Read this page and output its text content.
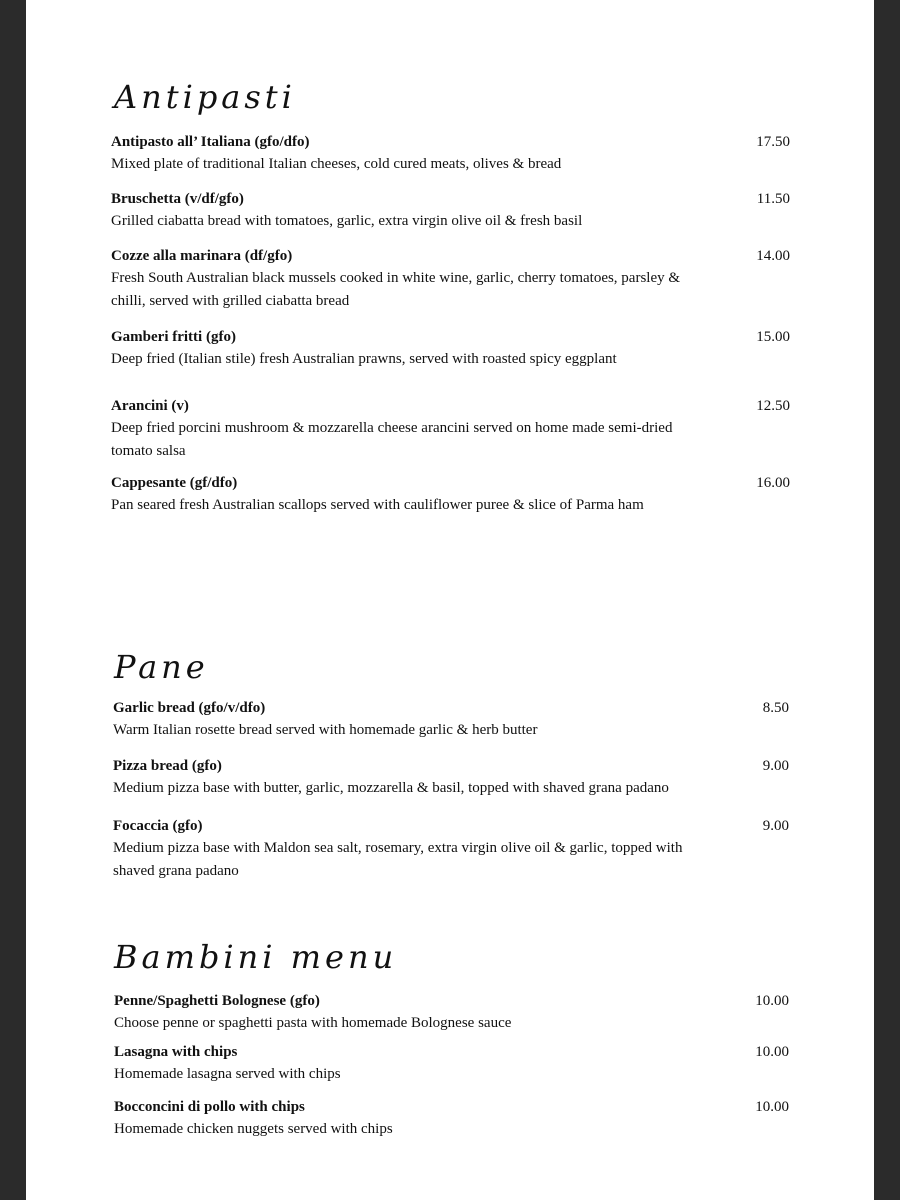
Antipasti
Antipasto all’ Italiana (gfo/dfo)
Mixed plate of traditional Italian cheeses, cold cured meats, olives & bread
17.50
Bruschetta (v/df/gfo)
Grilled ciabatta bread with tomatoes, garlic, extra virgin olive oil & fresh basil
11.50
Cozze alla marinara (df/gfo)
Fresh South Australian black mussels cooked in white wine, garlic, cherry tomatoes, parsley & chilli, served with grilled ciabatta bread
14.00
Gamberi fritti (gfo)
Deep fried (Italian stile) fresh Australian prawns, served with roasted spicy eggplant
15.00
Arancini (v)
Deep fried porcini mushroom & mozzarella cheese arancini served on home made semi-dried tomato salsa
12.50
Cappesante (gf/dfo)
Pan seared fresh Australian scallops served with cauliflower puree & slice of Parma ham
16.00
Pane
Garlic bread (gfo/v/dfo)
Warm Italian rosette bread served with homemade garlic & herb butter
8.50
Pizza bread (gfo)
Medium pizza base with butter, garlic, mozzarella & basil, topped with shaved grana padano
9.00
Focaccia (gfo)
Medium pizza base with Maldon sea salt, rosemary, extra virgin olive oil & garlic, topped with shaved grana padano
9.00
Bambini menu
Penne/Spaghetti Bolognese (gfo)
Choose penne or spaghetti pasta with homemade Bolognese sauce
10.00
Lasagna with chips
Homemade lasagna served with chips
10.00
Bocconcini di pollo with chips
Homemade chicken nuggets served with chips
10.00
